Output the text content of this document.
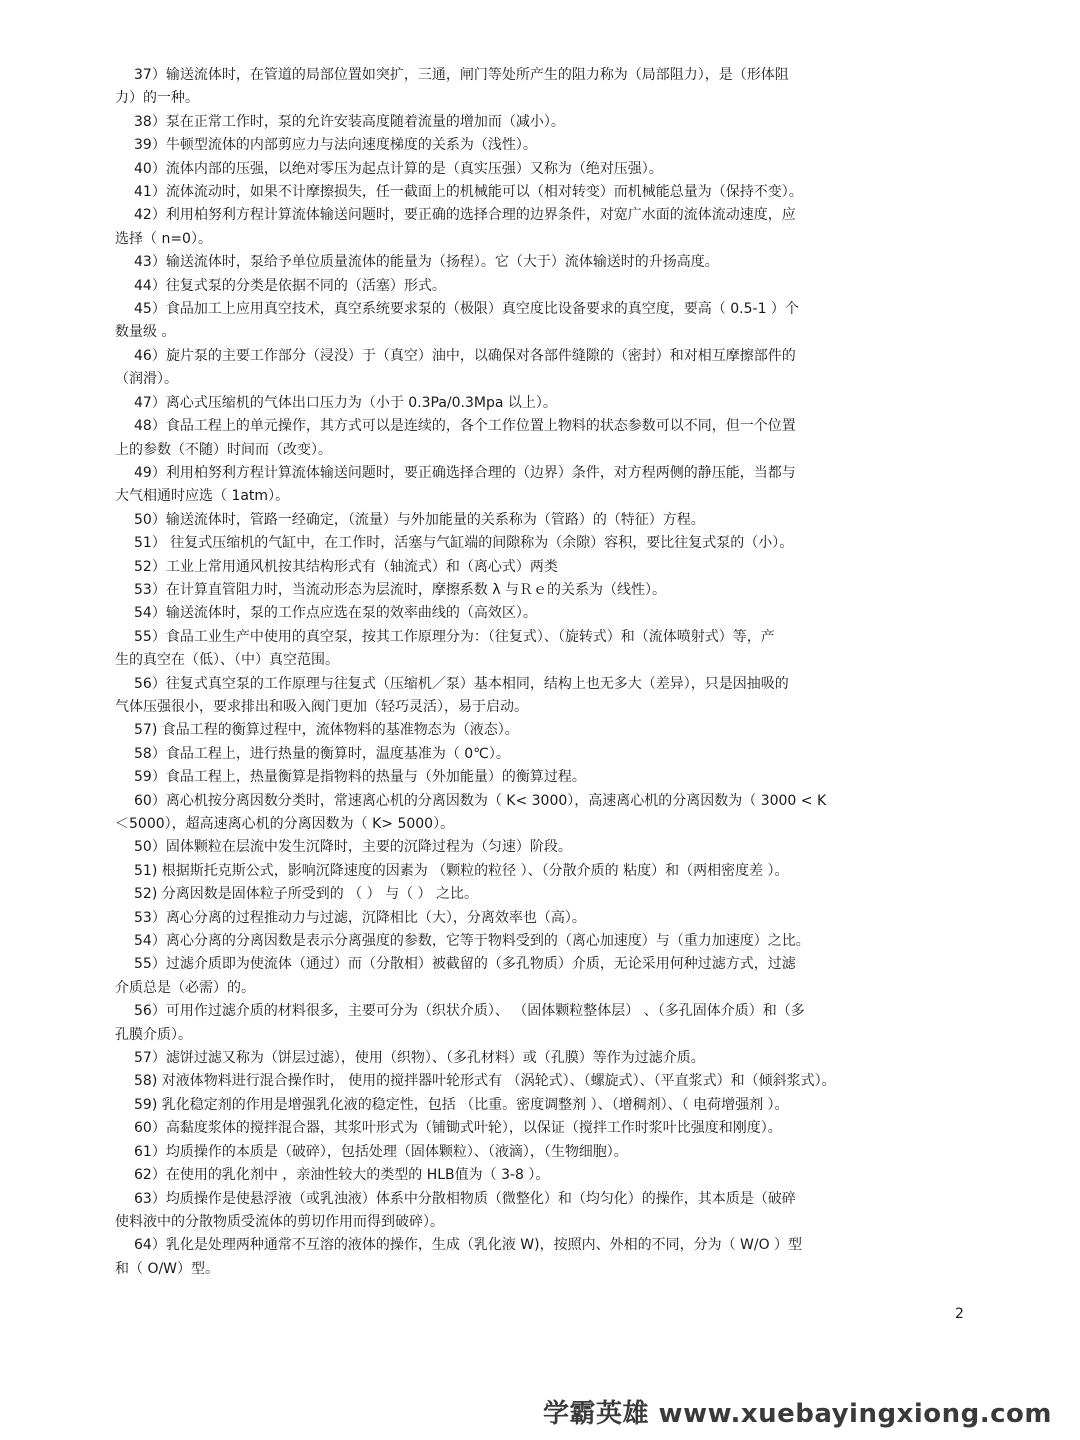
37）输送流体时，在管道的局部位置如突扩，三通，闸门等处所产生的阻力称为（局部阻力），是（形体阻
力）的一种。

38）泵在正常工作时，泵的允许安装高度随着流量的增加而（减小）。

39）牛顿型流体的内部剪应力与法向速度梯度的关系为（浅性）。

40）流体内部的压强，以绝对零压为起点计算的是（真实压强）又称为（绝对压强）。

41）流体流动时，如果不计摩擦损失，任一截面上的机械能可以（相对转变）而机械能总量为（保持不变）。

42）利用柏努利方程计算流体输送问题时，要正确的选择合理的边界条件，对宽广水面的流体流动速度，应
选择（ n=0）。

43）输送流体时，泵给予单位质量流体的能量为（扬程）。它（大于）流体输送时的升扬高度。

44）往复式泵的分类是依据不同的（活塞）形式。

45）食品加工上应用真空技术，真空系统要求泵的（极限）真空度比设备要求的真空度，要高（ 0.5-1 ）个
数量级 。

46）旋片泵的主要工作部分（浸没）于（真空）油中，以确保对各部件缝隙的（密封）和对相互摩擦部件的
（润滑）。

47）离心式压缩机的气体出口压力为（小于 0.3Pa/0.3Mpa 以上）。

48）食品工程上的单元操作，其方式可以是连续的，各个工作位置上物料的状态参数可以不同，但一个位置
上的参数（不随）时间而（改变）。

49）利用柏努利方程计算流体输送问题时，要正确选择合理的（边界）条件，对方程两侧的静压能，当都与
大气相通时应选（ 1atm）。

50）输送流体时，管路一经确定，（流量）与外加能量的关系称为（管路）的（特征）方程。

51） 往复式压缩机的气缸中，在工作时，活塞与气缸端的间隙称为（余隙）容积，要比往复式泵的（小）。

52）工业上常用通风机按其结构形式有（轴流式）和（离心式）两类

53）在计算直管阻力时，当流动形态为层流时，摩擦系数 λ 与Ｒｅ的关系为（线性）。

54）输送流体时，泵的工作点应选在泵的效率曲线的（高效区）。

55）食品工业生产中使用的真空泵，按其工作原理分为：（往复式）、（旋转式）和（流体喷射式）等，产
生的真空在（低）、（中）真空范围。

56）往复式真空泵的工作原理与往复式（压缩机／泵）基本相同，结构上也无多大（差异），只是因抽吸的
气体压强很小，要求排出和吸入阀门更加（轻巧灵活），易于启动。

57) 食品工程的衡算过程中，流体物料的基准物态为（液态）。

58）食品工程上，进行热量的衡算时，温度基准为（ 0℃）。

59）食品工程上，热量衡算是指物料的热量与（外加能量）的衡算过程。

60）离心机按分离因数分类时，常速离心机的分离因数为（ K< 3000），高速离心机的分离因数为（ 3000 < K
＜5000），超高速离心机的分离因数为（ K> 5000）。

50）固体颗粒在层流中发生沉降时，主要的沉降过程为（匀速）阶段。

51) 根据斯托克斯公式，影响沉降速度的因素为 （颗粒的粒径 ）、（分散介质的 粘度）和（两相密度差 ）。

52) 分离因数是固体粒子所受到的 （ ） 与（ ） 之比。

53）离心分离的过程推动力与过滤，沉降相比（大），分离效率也（高）。

54）离心分离的分离因数是表示分离强度的参数，它等于物料受到的（离心加速度）与（重力加速度）之比。

55）过滤介质即为使流体（通过）而（分散相）被截留的（多孔物质）介质，无论采用何种过滤方式，过滤
介质总是（必需）的。

56）可用作过滤介质的材料很多，主要可分为（织状介质）、 （固体颗粒整体层） 、（多孔固体介质）和（多
孔膜介质）。

57）滤饼过滤又称为（饼层过滤），使用（织物）、（多孔材料）或（孔膜）等作为过滤介质。

58) 对液体物料进行混合操作时， 使用的搅拌器叶轮形式有 （涡轮式）、（螺旋式）、（平直浆式）和（倾斜浆式）。

59) 乳化稳定剂的作用是增强乳化液的稳定性，包括 （比重。密度调整剂 ）、（增稠剂）、（ 电荷增强剂 ）。

60）高黏度浆体的搅拌混合器，其浆叶形式为（铺锄式叶轮），以保证（搅拌工作时浆叶比强度和刚度）。

61）均质操作的本质是（破碎），包括处理（固体颗粒）、（液滴），（生物细胞）。

62）在使用的乳化剂中 ，亲油性较大的类型的 HLB值为（ 3-8 ）。

63）均质操作是使悬浮液（或乳浊液）体系中分散相物质（微整化）和（均匀化）的操作，其本质是（破碎
使料液中的分散物质受流体的剪切作用而得到破碎）。

64）乳化是处理两种通常不互溶的液体的操作，生成（乳化液 W)，按照内、外相的不同，分为（ W/O ）型
和（ O/W）型。

2
学霸英雄 www.xuebayingxiong.com
